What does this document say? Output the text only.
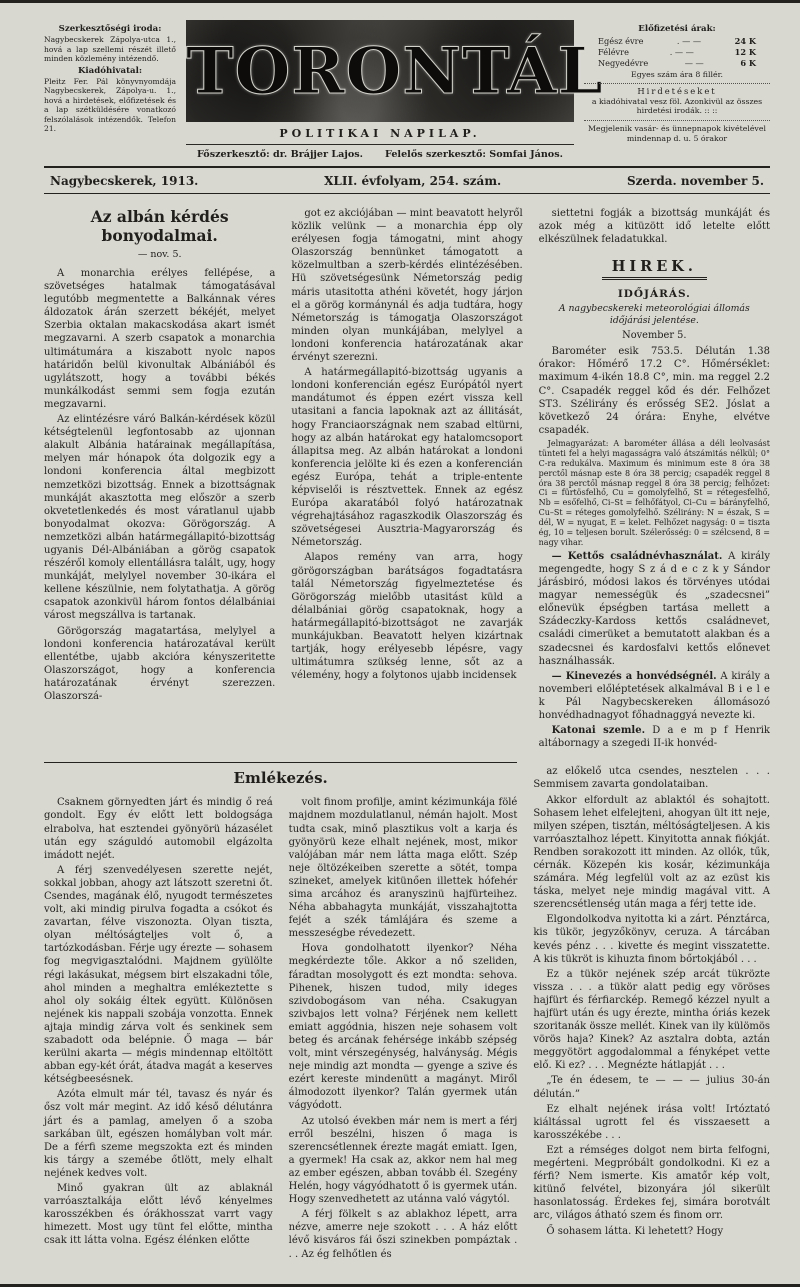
Szerkesztőségi iroda:
Nagybecskerek Zápolya-utca 1., hová a lap szellemi részét illető minden közlemény intézendő.
Kiadóhivatal:
Pleitz Fer. Pál könyvnyomdája Nagybecskerek, Zápolya-u. 1., hová a hirdetések, előfizetések és a lap szétküldésére vonatkozó felszólalások intézendők. Telefon 21.
TORONTÁL
POLITIKAI NAPILAP.
Főszerkesztő: dr. Brájjer Lajos. Felelős szerkesztő: Somfai János.
Előfizetési árak:
Egész évre	. — —	24 K
Félévre	. — —	12 K
Negyedévre	— —	6 K
Egyes szám ára 8 fillér.
Hirdetéseket
a kiadóhivatal vesz föl. Azonkivül az összes hirdetési irodák. :: ::
Megjelenik vasár- és ünnepnapok kivételével mindennap d. u. 5 órakor
Nagybecskerek, 1913.	XLII. évfolyam, 254. szám.	Szerda. november 5.
Az albán kérdés bonyodalmai.
— nov. 5.

A monarchia erélyes fellépése, a szövetséges hatalmak támogatásával legutóbb megmentette a Balkánnak véres áldozatok árán szerzett békéjét, melyet Szerbia oktalan makacskodása akart ismét megzavarni. A szerb csapatok a monarchia ultimátumára a kiszabott nyolc napos határidőn belül kivonultak Albániából és ugylátszott, hogy a további békés munkálkodást semmi sem fogja ezután megzavarni.

Az elintézésre váró Balkán-kérdések közül kétségtelenül legfontosabb az ujonnan alakult Albánia határainak megállapítása, melyen már hónapok óta dolgozik egy a londoni konferencia által megbizott nemzetközi bizottság. Ennek a bizottságnak munkáját akasztotta meg először a szerb okvetetlenkedés és most váratlanul ujabb bonyodalmat okozva: Görögország. A nemzetközi albán határmegállapitó-bizottság ugyanis Dél-Albániában a görög csapatok részéről komoly ellentállásra talált, ugy, hogy munkáját, melylyel november 30-ikára el kellene készülnie, nem folytathatja. A görög csapatok azonkivül három fontos délalbániai várost megszállva is tartanak.

Görögország magatartása, melylyel a londoni konferencia határozatával került ellentétbe, ujabb akcióra kényszeritette Olaszországot, hogy a konferencia határozatának érvényt szerezzen. Olaszorszá-

got ez akciójában — mint beavatott helyről közlik velünk — a monarchia épp oly erélyesen fogja támogatni, mint ahogy Olaszország bennünket támogatott a közelmultban a szerb-kérdés elintézésében. Hü szövetségesünk Németország pedig máris utasitotta athéni követét, hogy járjon el a görög kormánynál és adja tudtára, hogy Németország is támogatja Olaszországot minden olyan munkájában, melylyel a londoni konferencia határozatának akar érvényt szerezni.

A határmegállapitó-bizottság ugyanis a londoni konferencián egész Európától nyert mandátumot és éppen ezért vissza kell utasitani a fancia lapoknak azt az állitását, hogy Franciaországnak nem szabad eltürni, hogy az albán határokat egy hatalomcsoport állapitsa meg. Az albán határokat a londoni konferencia jelölte ki és ezen a konferencián egész Európa, tehát a triple-entente képviselői is résztvettek. Ennek az egész Európa akaratából folyó határozatnak végrehajtásához ragaszkodik Olaszország és szövetségesei Ausztria-Magyarország és Németország.

Alapos remény van arra, hogy görögországban barátságos fogadtatásra talál Németország figyelmeztetése és Görögország mielőbb utasitást küld a délalbániai görög csapatoknak, hogy a határmegállapitó-bizottságot ne zavarják munkájukban. Beavatott helyen kizártnak tartják, hogy erélyesebb lépésre, vagy ultimátumra szükség lenne, sőt az a vélemény, hogy a folytonos ujabb incidensek

siettetni fogják a bizottság munkáját és azok még a kitüzött idő letelte előtt elkészülnek feladatukkal.

HIREK.
IDŐJÁRÁS.
A nagybecskereki meteorológiai állomás időjárási jelentése.
November 5.

Barométer esik 753.5. Délután 1.38 órakor: Hőmérő 17.2 C°. Hőmérséklet: maximum 4-ikén 18.8 C°, min. ma reggel 2.2 C°. Csapadék reggel kőd és dér. Felhőzet ST3. Szélirány és erősség SE2. Jóslat a következő 24 órára: Enyhe, elvétve csapadék.

Jelmagyarázat: A barométer állása a déli leolvasást tünteti fel a helyi magasságra való átszámitás nélkül; 0° C-ra redukálva. Maximum és minimum este 8 óra 38 perctől másnap este 8 óra 38 percig; csapadék reggel 8 óra 38 perctől másnap reggel 8 óra 38 percig; felhőzet: Ci = fürtösfelhő, Cu = gomolyfelhő, St = rétegesfelhő, Nb = esőfelhő, Ci–St = felhőfátyol, Ci–Cu = bárányfelhő, Cu–St = réteges gomolyfelhő. Szélirány: N = észak, S = dél, W = nyugat, E = kelet. Felhőzet nagyság: 0 = tiszta ég, 10 = teljesen borult. Szélerősség: 0 = szélcsend, 8 = nagy vihar.

— Kettős családnévhasználat. A király megengedte, hogy S z á d e c z k y Sándor járásbiró, módosi lakos és törvényes utódai magyar nemességük és „szadecsnei” előnevük épségben tartása mellett a Szádeczky-Kardoss kettős családnevet, családi cimerüket a bemutatott alakban és a szadecsnei és kardosfalvi kettős előnevet használhassák.

— Kinevezés a honvédségnél. A király a novemberi előléptetések alkalmával B i e l e k Pál Nagybecskereken állomásozó honvédhadnagyot főhadnaggyá nevezte ki.

Katonai szemle. D a e m p f Henrik altábornagy a szegedi II-ik honvéd-

Emlékezés.

Csaknem görnyedten járt és mindig ő reá gondolt. Egy év előtt lett boldogsága elrabolva, hat esztendei gyönyörü házasélet után egy száguldó automobil elgázolta imádott nejét.

A férj szenvedélyesen szerette nejét, sokkal jobban, ahogy azt látszott szeretni őt. Csendes, magának élő, nyugodt természetes volt, aki mindig pirulva fogadta a csókot és zavartan, félve viszonozta. Olyan tiszta, olyan méltóságteljes volt ő, a tartózkodásban. Férje ugy érezte — sohasem fog megvigasztalódni. Majdnem gyülölte régi lakásukat, mégsem birt elszakadni tőle, ahol minden a meghaltra emlékeztette s ahol oly sokáig éltek együtt. Különösen nejének kis nappali szobája vonzotta. Ennek ajtaja mindig zárva volt és senkinek sem szabadott oda belépnie. Ő maga — bár kerülni akarta — mégis mindennap eltöltött abban egy-két órát, átadva magát a keserves kétségbeesésnek.

Azóta elmult már tél, tavasz és nyár és ősz volt már megint. Az idő késő délutánra járt és a pamlag, amelyen ő a szoba sarkában ült, egészen homályban volt már. De a férfi szeme megszokta ezt és minden kis tárgy a szemébe őtlött, mely elhalt nejének kedves volt.

Minő gyakran ült az ablaknál varróasztalkája előtt lévő kényelmes karosszékben és órákhosszat varrt vagy himezett. Most ugy tünt fel előtte, mintha csak itt látta volna. Egész élénken előtte

volt finom profilje, amint kézimunkája fölé majdnem mozdulatlanul, némán hajolt. Most tudta csak, minő plasztikus volt a karja és gyönyörü keze elhalt nejének, most, mikor valójában már nem látta maga előtt. Szép neje öltözékeiben szerette a sötét, tompa szineket, amelyek kitünően illettek hófehér sima arcához és aranyszinü hajfürteihez. Néha abbahagyta munkáját, visszahajtotta fejét a szék támlájára és szeme a messzeségbe révedezett.

Hova gondolhatott ilyenkor? Néha megkérdezte tőle. Akkor a nő szeliden, fáradtan mosolygott és ezt mondta: sehova. Pihenek, hiszen tudod, mily ideges szivdobogásom van néha. Csakugyan szivbajos lett volna? Férjének nem kellett emiatt aggódnia, hiszen neje sohasem volt beteg és arcának fehérsége inkább szépség volt, mint vérszegénység, halványság. Mégis neje mindig azt mondta — gyenge a szive és ezért kereste mindenütt a magányt. Miről álmodozott ilyenkor? Talán gyermek után vágyódott.

Az utolsó években már nem is mert a férj erről beszélni, hiszen ő maga is szerencsétlennek érezte magát emiatt. Igen, a gyermek! Ha csak az, akkor nem hal meg az ember egészen, abban tovább él. Szegény Helén, hogy vágyódhatott ő is gyermek után. Hogy szenvedhetett az utánna való vágytól.

A férj fölkelt s az ablakhoz lépett, arra nézve, amerre neje szokott . . . A ház előtt lévő kisváros fái őszi szinekben pompáztak . . . Az ég felhőtlen és

az előkelő utca csendes, nesztelen . . . Semmisem zavarta gondolataiban.

Akkor elfordult az ablaktól és sohajtott. Sohasem lehet elfelejteni, ahogyan ült itt neje, milyen szépen, tisztán, méltóságteljesen. A kis varróasztalhoz lépett. Kinyitotta annak fiókját. Rendben sorakozott itt minden. Az ollók, tűk, cérnák. Közepén kis kosár, kézimunkája számára. Még legfelül volt az az ezüst kis táska, melyet neje mindig magával vitt. A szerencsétlenség után maga a férj tette ide.

Elgondolkodva nyitotta ki a zárt. Pénztárca, kis tükör, jegyzőkönyv, ceruza. A tárcában kevés pénz . . . kivette és megint visszatette. A kis tükröt is kihuzta finom bőrtokjából . . .

Ez a tükör nejének szép arcát tükrözte vissza . . . a tükör alatt pedig egy vöröses hajfürt és férfiarckép. Remegő kézzel nyult a hajfürt után és ugy érezte, mintha óriás kezek szoritanák össze mellét. Kinek van ily külömös vörös haja? Kinek? Az asztalra dobta, aztán meggyötört aggodalommal a fényképet vette elő. Ki ez? . . . Megnézte hátlapját . . .

„Te én édesem, te — — — julius 30-án délután.”

Ez elhalt nejének irása volt! Irtóztató kiáltással ugrott fel és visszaesett a karosszékébe . . .

Ezt a rémséges dolgot nem birta felfogni, megérteni. Megpróbált gondolkodni. Ki ez a férfi? Nem ismerte. Kis amatőr kép volt, kitünő felvétel, bizonyára jól sikerült hasonlatosság. Érdekes fej, simára borotvált arc, világos átható szem és finom orr.

Ő sohasem látta. Ki lehetett? Hogy
